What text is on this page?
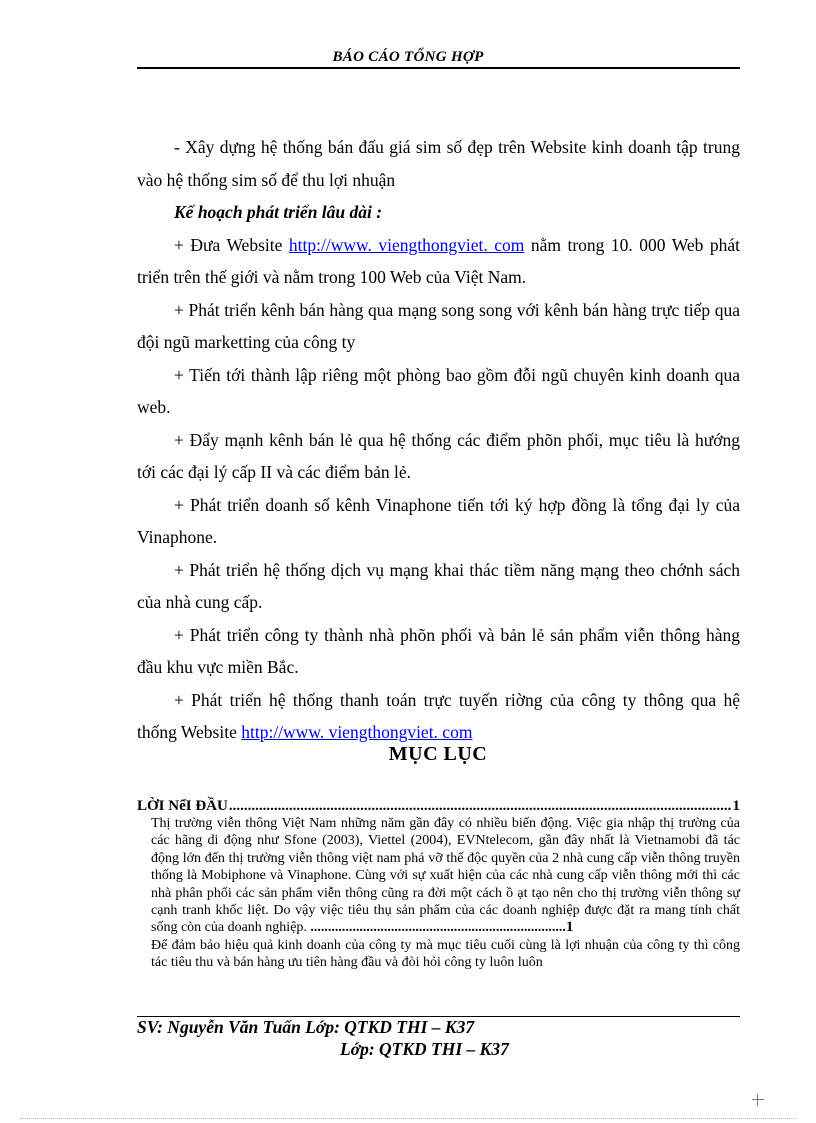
BÁO CÁO TỔNG HỢP

- Xây dựng hệ thống bán đấu giá sim số đẹp trên Website kinh doanh tập trung vào hệ thống sim số để thu lợi nhuận

Kế hoạch phát triển lâu dài :

+ Đưa Website http://www. viengthongviet. com nằm trong 10. 000 Web phát triển trên thế giới và nằm trong 100 Web của Việt Nam.

+ Phát triển kênh bán hàng qua mạng song song với kênh bán hàng trực tiếp qua đội ngũ marketting của công ty

+ Tiến tới thành lập riêng một phòng bao gồm đỗi ngũ chuyên kinh doanh qua web.

+ Đẩy mạnh kênh bán lẻ qua hệ thống các điểm phõn phối, mục tiêu là hướng tới các đại lý cấp II và các điểm bản lẻ.

+ Phát triển doanh số kênh Vinaphone tiến tới ký hợp đồng là tổng đại ly của Vinaphone.

+ Phát triển hệ thống dịch vụ mạng khai thác tiềm năng mạng theo chớnh sách của nhà cung cấp.

+ Phát triển công ty thành nhà phõn phối và bản lẻ sản phẩm viễn thông hàng đầu khu vực miền Bắc.

+ Phát triển hệ thống thanh toán trực tuyến riờng của công ty thông qua hệ thống Website http://www. viengthongviet. com

MỤC LỤC
LỜI NểI ĐẦU
.....	1

Thị trường viễn thông Việt Nam những năm gần đây có nhiều biến động. Việc gia nhập thị trường của các hãng di động như Sfone (2003), Viettel (2004), EVNtelecom, gần đây nhất là Vietnamobi đã tác động lớn đến thị trường viễn thông việt nam phá vỡ thế độc quyền của 2 nhà cung cấp viễn thông truyền thống là Mobiphone và Vinaphone. Cùng với sự xuất hiện của các nhà cung cấp viễn thông mới thì các nhà phân phối các sản phẩm viễn thông cũng ra đời một cách ồ ạt tạo nên cho thị trường viễn thông sự cạnh tranh khốc liệt. Do vậy việc tiêu thụ sản phẩm của các doanh nghiệp được đặt ra mang tính chất sống còn của doanh nghiệp. .........................................................................1

Để đảm bảo hiệu quả kinh doanh của công ty mà mục tiêu cuối cùng là lợi nhuận của công ty thì công tác tiêu thu và bán hàng ưu tiên hàng đầu và đòi hỏi công ty luôn luôn

SV: Nguyễn Văn Tuấn Lớp: QTKD THI – K37
Lớp: QTKD THI – K37
